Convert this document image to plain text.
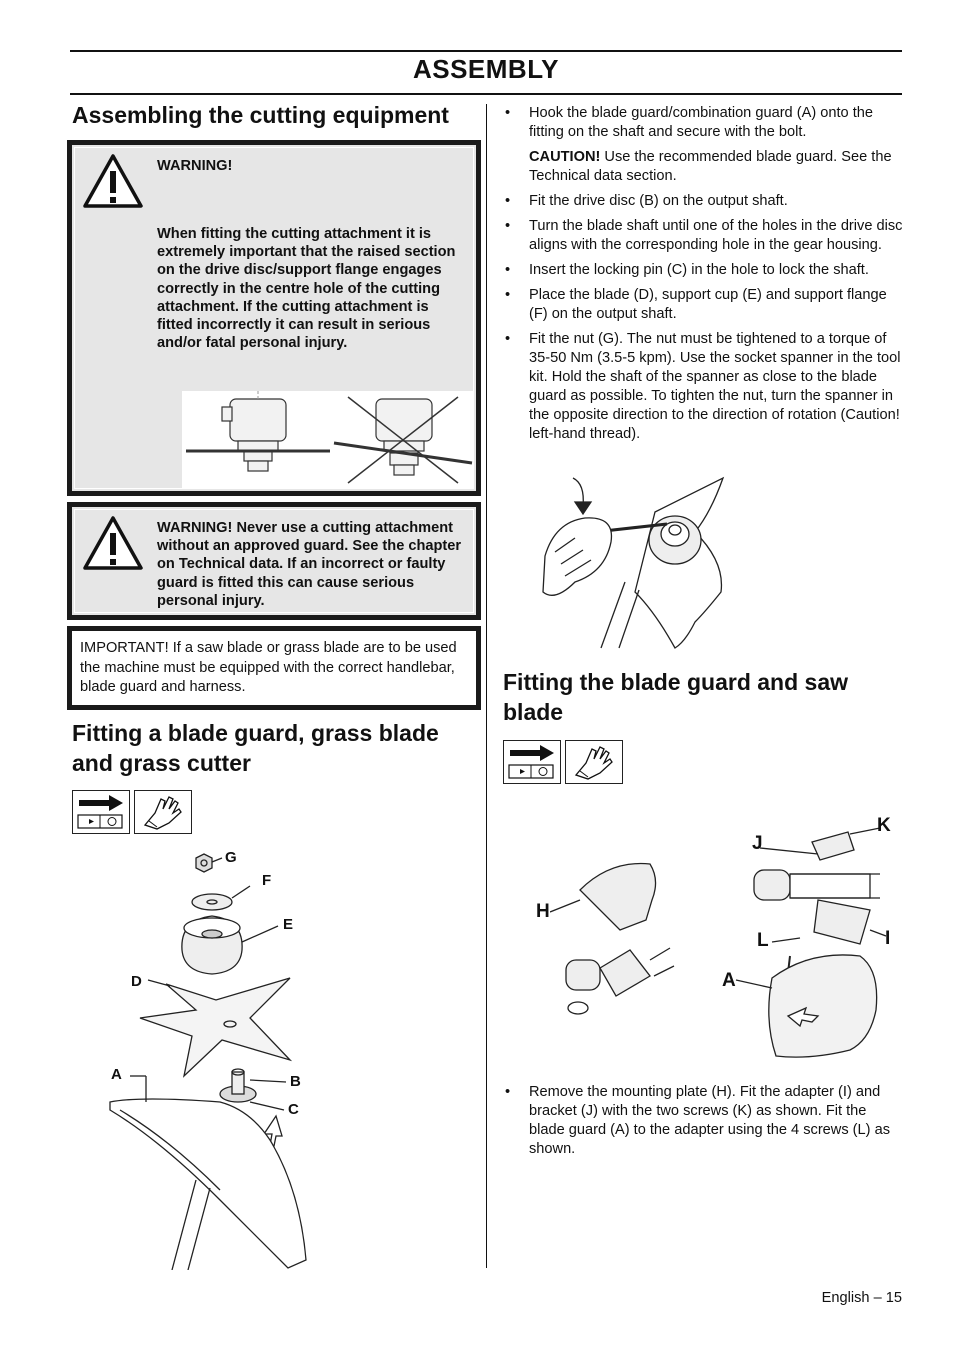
ASSEMBLY
Assembling the cutting equipment
WARNING!
When fitting the cutting attachment it is extremely important that the raised section on the drive disc/support flange engages correctly in the centre hole of the cutting attachment. If the cutting attachment is fitted incorrectly it can result in serious and/or fatal personal injury.
WARNING! Never use a cutting attachment without an approved guard. See the chapter on Technical data. If an incorrect or faulty guard is fitted this can cause serious personal injury.
IMPORTANT! If a saw blade or grass blade are to be used the machine must be equipped with the correct handlebar, blade guard and harness.
Fitting a blade guard, grass blade and grass cutter
G
F
E
D
A	B
C
• Hook the blade guard/combination guard (A) onto the fitting on the shaft and secure with the bolt.
CAUTION! Use the recommended blade guard. See the Technical data section.
• Fit the drive disc (B) on the output shaft.
• Turn the blade shaft until one of the holes in the drive disc aligns with the corresponding hole in the gear housing.
• Insert the locking pin (C) in the hole to lock the shaft.
• Place the blade (D), support cup (E) and support flange (F) on the output shaft.
• Fit the nut (G). The nut must be tightened to a torque of 35-50 Nm (3.5-5 kpm). Use the socket spanner in the tool kit. Hold the shaft of the spanner as close to the blade guard as possible. To tighten the nut, turn the spanner in the opposite direction to the direction of rotation (Caution! left-hand thread).
Fitting the blade guard and saw blade
K
J
H
L	I
A
• Remove the mounting plate (H). Fit the adapter (I) and bracket (J) with the two screws (K) as shown. Fit the blade guard (A) to the adapter using the 4 screws (L) as shown.
English – 15
